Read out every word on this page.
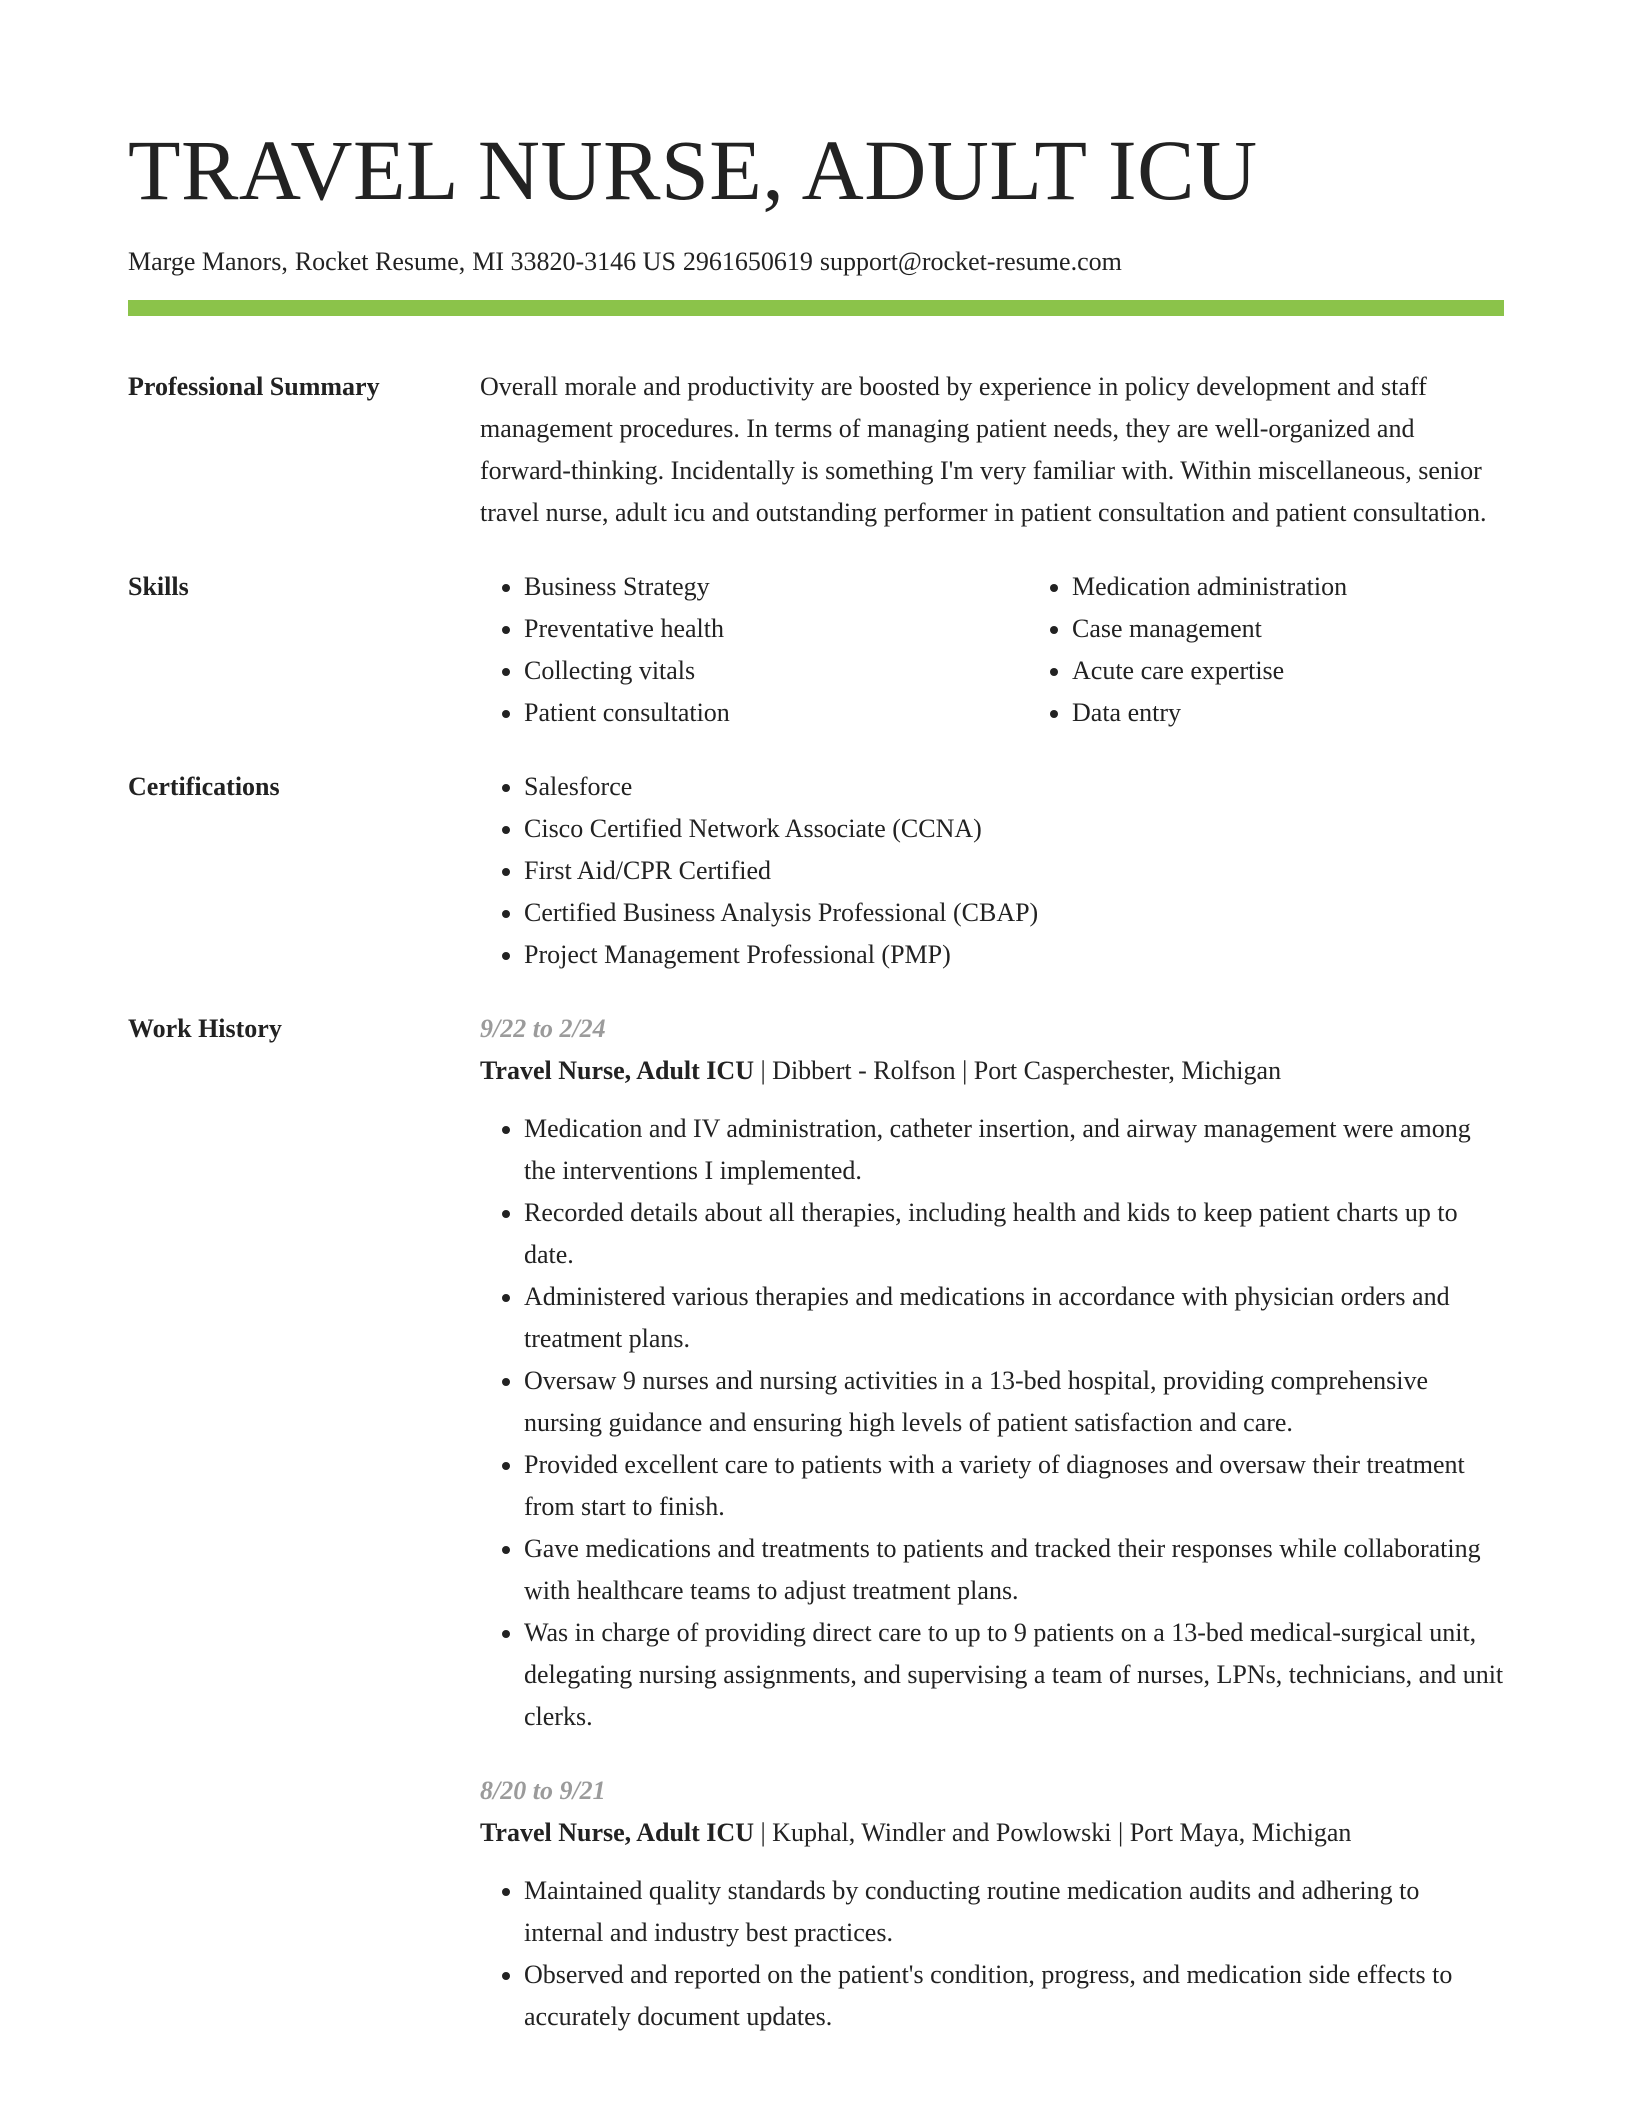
TRAVEL NURSE, ADULT ICU
Marge Manors, Rocket Resume, MI 33820-3146 US 2961650619 support@rocket-resume.com
Professional Summary	Overall morale and productivity are boosted by experience in policy development and staff management procedures. In terms of managing patient needs, they are well-organized and forward-thinking. Incidentally is something I'm very familiar with. Within miscellaneous, senior travel nurse, adult icu and outstanding performer in patient consultation and patient consultation.

Skills	• Business Strategy
• Preventative health
• Collecting vitals
• Patient consultation
• Medication administration
• Case management
• Acute care expertise
• Data entry
Certifications	• Salesforce
• Cisco Certified Network Associate (CCNA)
• First Aid/CPR Certified
• Certified Business Analysis Professional (CBAP)
• Project Management Professional (PMP)
Work History	9/22 to 2/24
Travel Nurse, Adult ICU | Dibbert - Rolfson | Port Casperchester, Michigan
• Medication and IV administration, catheter insertion, and airway management were among the interventions I implemented.
• Recorded details about all therapies, including health and kids to keep patient charts up to date.
• Administered various therapies and medications in accordance with physician orders and treatment plans.
• Oversaw 9 nurses and nursing activities in a 13-bed hospital, providing comprehensive nursing guidance and ensuring high levels of patient satisfaction and care.
• Provided excellent care to patients with a variety of diagnoses and oversaw their treatment from start to finish.
• Gave medications and treatments to patients and tracked their responses while collaborating with healthcare teams to adjust treatment plans.
• Was in charge of providing direct care to up to 9 patients on a 13-bed medical-surgical unit, delegating nursing assignments, and supervising a team of nurses, LPNs, technicians, and unit clerks.
8/20 to 9/21
Travel Nurse, Adult ICU | Kuphal, Windler and Powlowski | Port Maya, Michigan
• Maintained quality standards by conducting routine medication audits and adhering to internal and industry best practices.
• Observed and reported on the patient's condition, progress, and medication side effects to accurately document updates.
